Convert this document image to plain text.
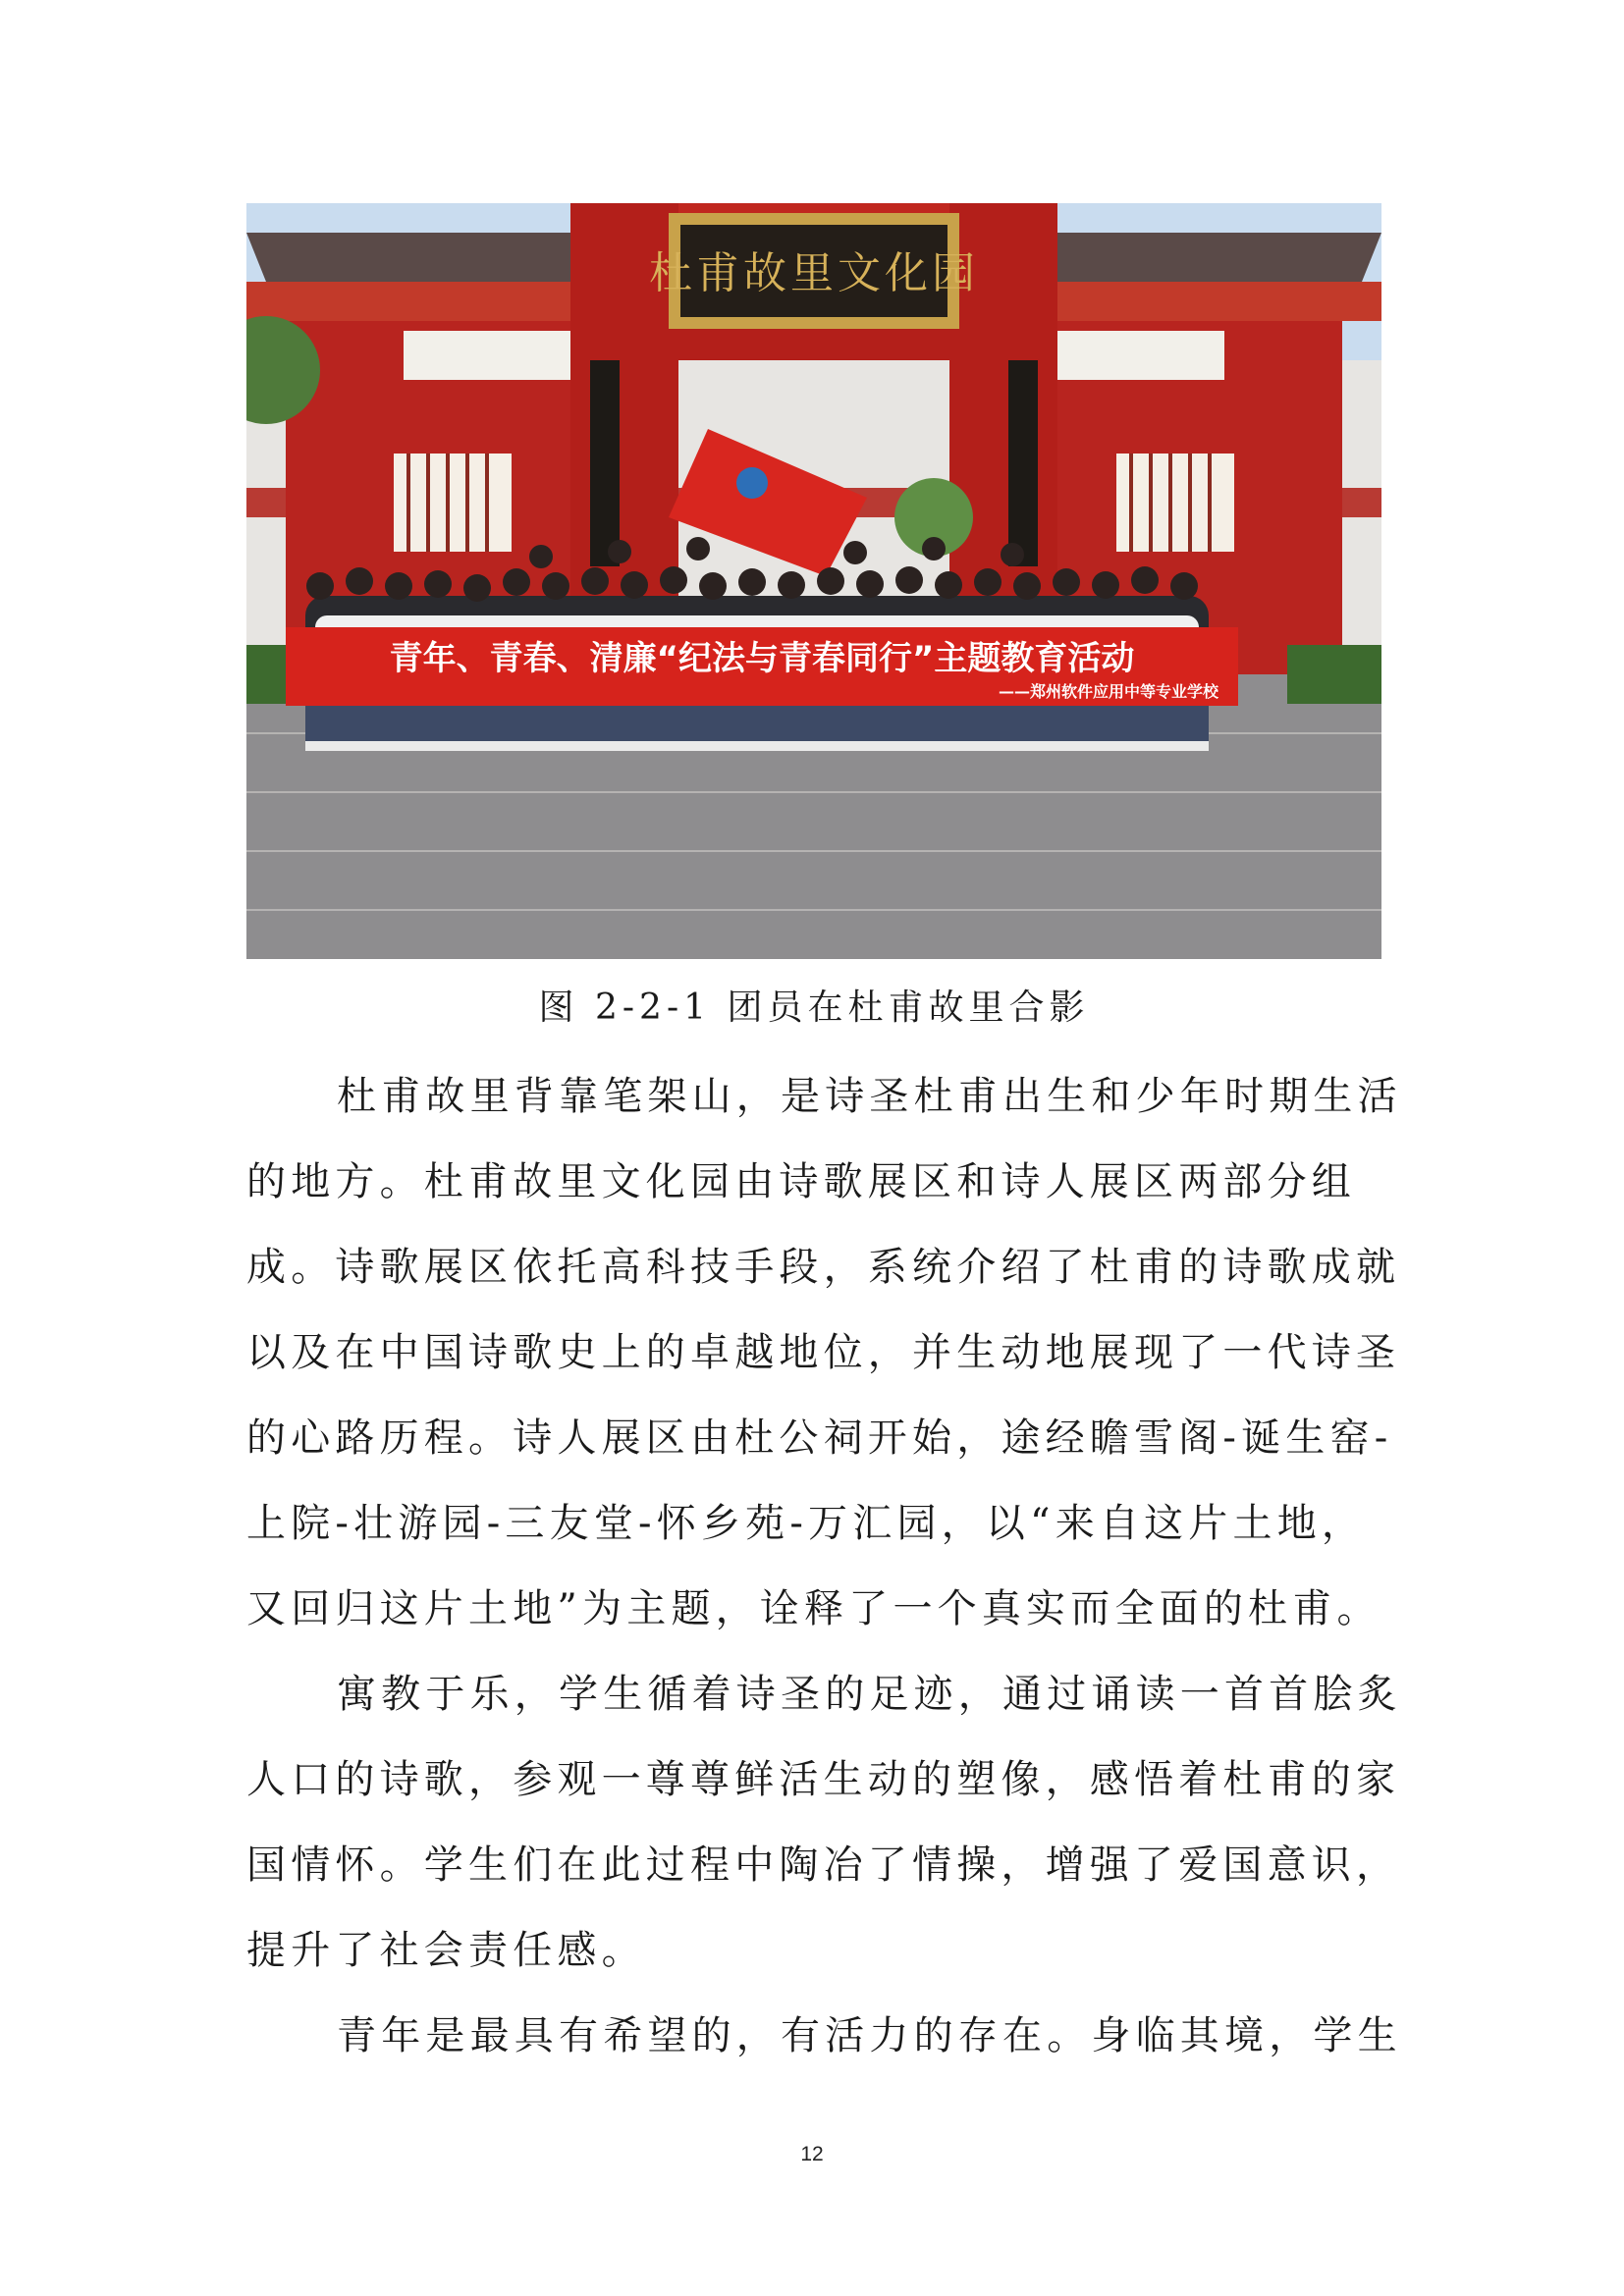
杜甫故里文化园
青年、青春、清廉“纪法与青春同行”主题教育活动
——郑州软件应用中等专业学校
图 2-2-1 团员在杜甫故里合影
杜甫故里背靠笔架山，是诗圣杜甫出生和少年时期生活
的地方。杜甫故里文化园由诗歌展区和诗人展区两部分组
成。诗歌展区依托高科技手段，系统介绍了杜甫的诗歌成就
以及在中国诗歌史上的卓越地位，并生动地展现了一代诗圣
的心路历程。诗人展区由杜公祠开始，途经瞻雪阁-诞生窑-
上院-壮游园-三友堂-怀乡苑-万汇园，以“来自这片土地，
又回归这片土地”为主题，诠释了一个真实而全面的杜甫。
寓教于乐，学生循着诗圣的足迹，通过诵读一首首脍炙
人口的诗歌，参观一尊尊鲜活生动的塑像，感悟着杜甫的家
国情怀。学生们在此过程中陶冶了情操，增强了爱国意识，
提升了社会责任感。
青年是最具有希望的，有活力的存在。身临其境，学生
12
